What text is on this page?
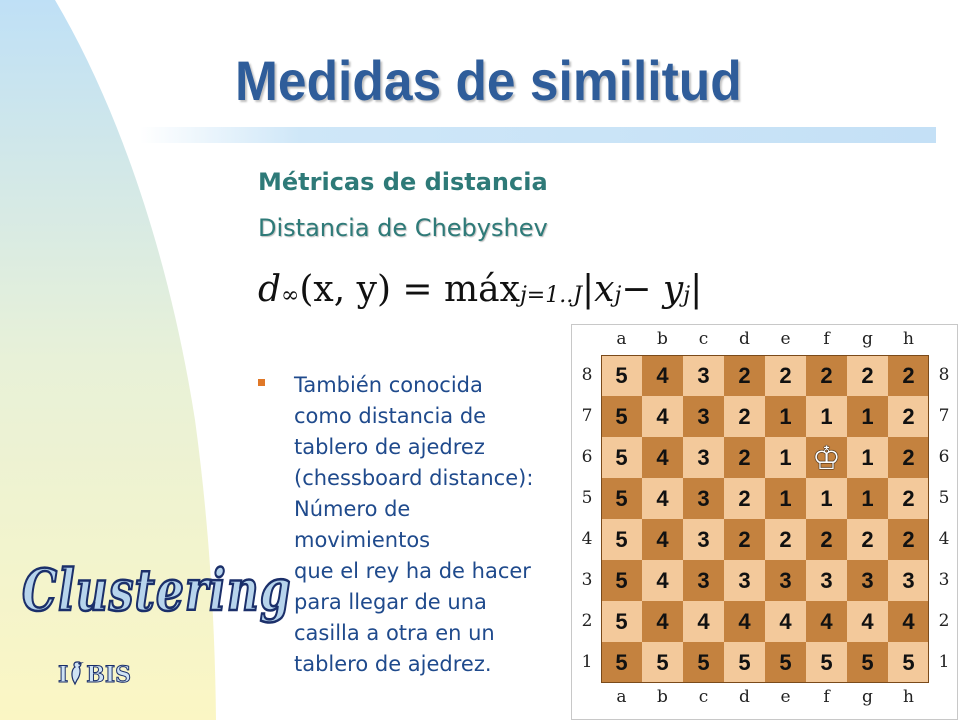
Medidas de similitud
Métricas de distancia
Distancia de Chebyshev
$d_\infty$ (x, y) = máx$_{j=1..J}$ $|x_j - y_j$ |
También conocida
como distancia de
tablero de ajedrez
(chessboard distance):
Número de
movimientos
que el rey ha de hacer
para llegar de una
casilla a otra en un
tablero de ajedrez.
a
a
b
b
c
c
d
d
e
e
f
f
g
g
h
h
8	8
7	7
6	6
5	5
4	4
3	3
2	2
1	1
5	4	3	2	2	2	2	2
5	4	3	2	1	1	1	2
5	4	3	2	1 ♔ 1	2
5	4	3	2	1	1	1	2
5	4	3	2	2	2	2	2
5	4	3	3	3	3	3	3
5	4	4	4	4	4	4	4
5	5	5	5	5	5	5	5
Clustering
I BIS
